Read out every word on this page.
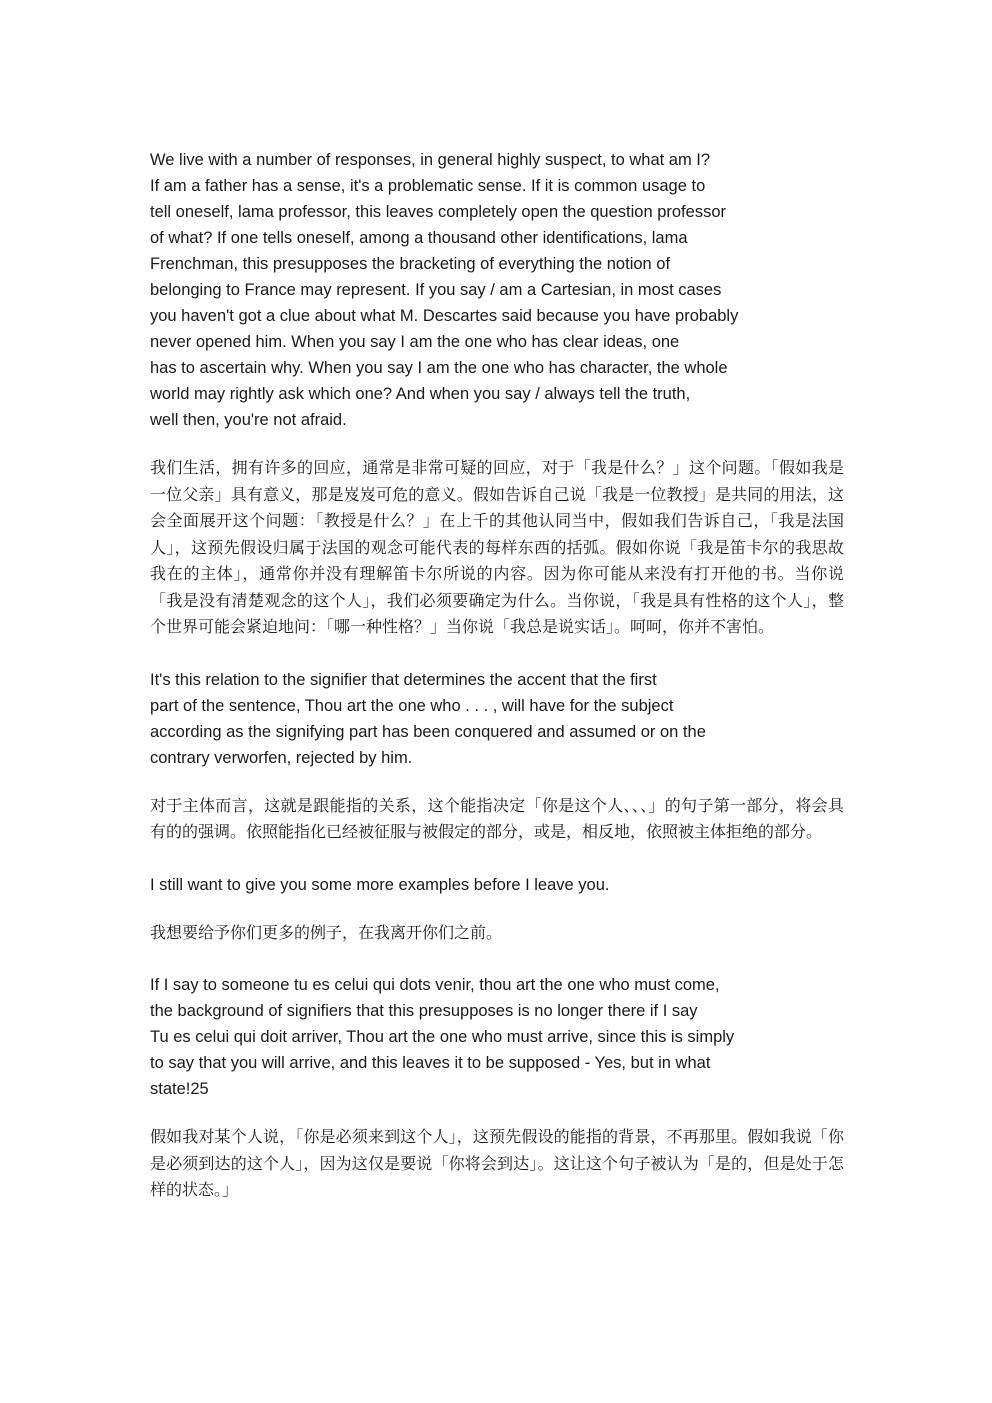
We live with a number of responses, in general highly suspect, to what am I?
If am a father has a sense, it's a problematic sense. If it is common usage to
tell oneself, lama professor, this leaves completely open the question professor
of what? If one tells oneself, among a thousand other identifications, lama
Frenchman, this presupposes the bracketing of everything the notion of
belonging to France may represent. If you say / am a Cartesian, in most cases
you haven't got a clue about what M. Descartes said because you have probably
never opened him. When you say I am the one who has clear ideas, one
has to ascertain why. When you say I am the one who has character, the whole
world may rightly ask which one? And when you say / always tell the truth,
well then, you're not afraid.

我们生活，拥有许多的回应，通常是非常可疑的回应，对于「我是什么？」这个问题。「假如我是一位父亲」具有意义，那是岌岌可危的意义。假如告诉自己说「我是一位教授」是共同的用法，这会全面展开这个问题：「教授是什么？」在上千的其他认同当中，假如我们告诉自己，「我是法国人」，这预先假设归属于法国的观念可能代表的每样东西的括弧。假如你说「我是笛卡尔的我思故我在的主体」，通常你并没有理解笛卡尔所说的内容。因为你可能从来没有打开他的书。当你说「我是没有清楚观念的这个人」，我们必须要确定为什么。当你说，「我是具有性格的这个人」，整个世界可能会紧迫地问：「哪一种性格？」当你说「我总是说实话」。呵呵，你并不害怕。

It's this relation to the signifier that determines the accent that the first
part of the sentence, Thou art the one who . . . , will have for the subject
according as the signifying part has been conquered and assumed or on the
contrary verworfen, rejected by him.

对于主体而言，这就是跟能指的关系，这个能指决定「你是这个人、、、」的句子第一部分，将会具有的的强调。依照能指化已经被征服与被假定的部分，或是，相反地，依照被主体拒绝的部分。

I still want to give you some more examples before I leave you.

我想要给予你们更多的例子，在我离开你们之前。

If I say to someone tu es celui qui dots venir, thou art the one who must come,
the background of signifiers that this presupposes is no longer there if I say
Tu es celui qui doit arriver, Thou art the one who must arrive, since this is simply
to say that you will arrive, and this leaves it to be supposed - Yes, but in what
state!25

假如我对某个人说，「你是必须来到这个人」，这预先假设的能指的背景，不再那里。假如我说「你是必须到达的这个人」，因为这仅是要说「你将会到达」。这让这个句子被认为「是的，但是处于怎样的状态。」
